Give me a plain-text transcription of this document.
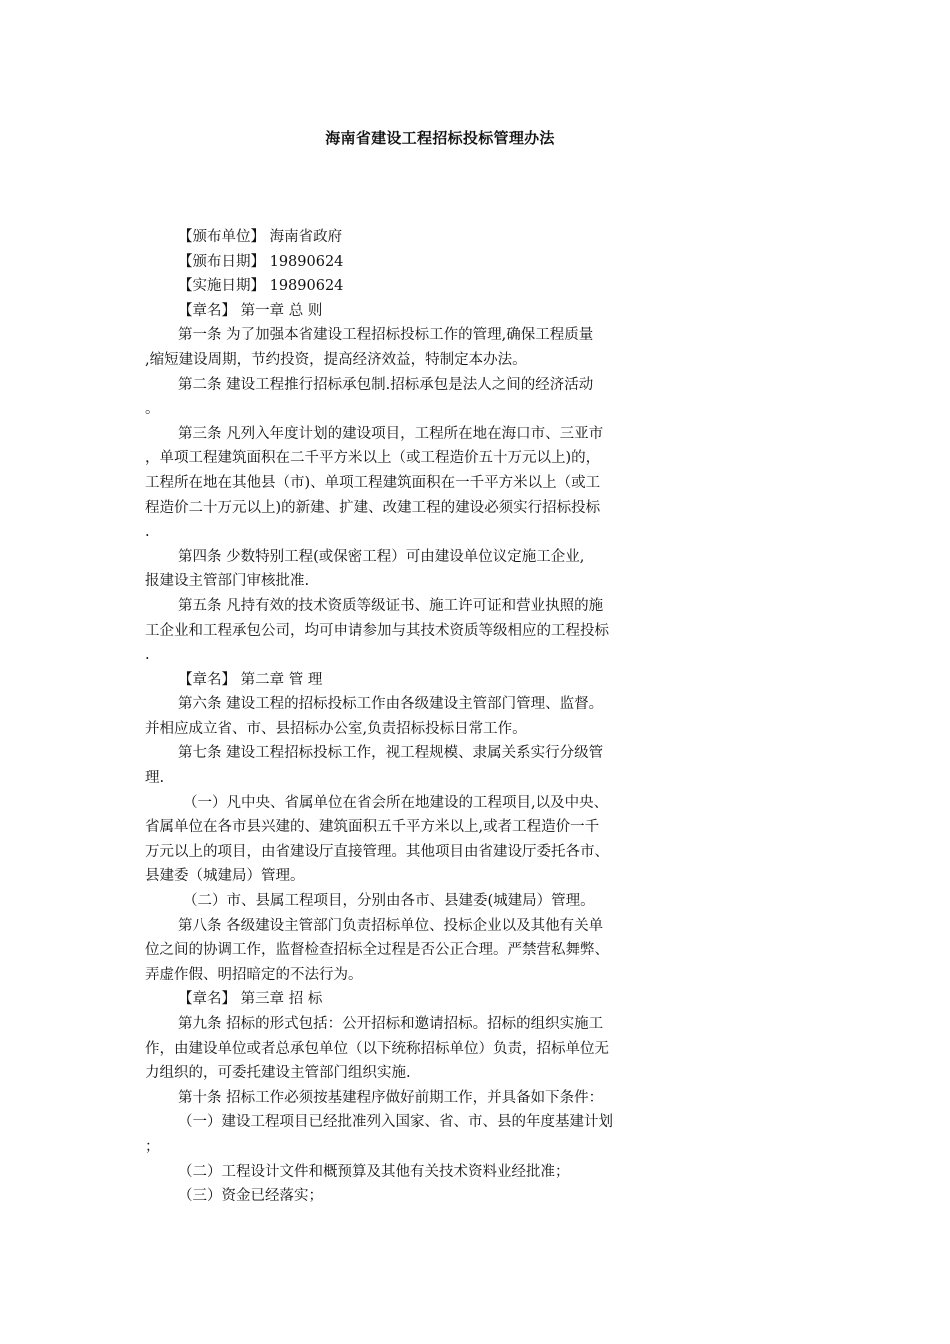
海南省建设工程招标投标管理办法
【颁布单位】 海南省政府
【颁布日期】 19890624
【实施日期】 19890624
【章名】 第一章 总 则
第一条 为了加强本省建设工程招标投标工作的管理,确保工程质量
,缩短建设周期，节约投资，提高经济效益，特制定本办法。
第二条 建设工程推行招标承包制.招标承包是法人之间的经济活动
。
第三条 凡列入年度计划的建设项目，工程所在地在海口市、三亚市
，单项工程建筑面积在二千平方米以上（或工程造价五十万元以上)的，
工程所在地在其他县（市)、单项工程建筑面积在一千平方米以上（或工
程造价二十万元以上)的新建、扩建、改建工程的建设必须实行招标投标
.
第四条 少数特别工程(或保密工程）可由建设单位议定施工企业,
报建设主管部门审核批准.
第五条 凡持有效的技术资质等级证书、施工许可证和营业执照的施
工企业和工程承包公司，均可申请参加与其技术资质等级相应的工程投标
.
【章名】 第二章 管 理
第六条 建设工程的招标投标工作由各级建设主管部门管理、监督。
并相应成立省、市、县招标办公室,负责招标投标日常工作。
第七条 建设工程招标投标工作，视工程规模、隶属关系实行分级管
理.
（一）凡中央、省属单位在省会所在地建设的工程项目,以及中央、
省属单位在各市县兴建的、建筑面积五千平方米以上,或者工程造价一千
万元以上的项目，由省建设厅直接管理。其他项目由省建设厅委托各市、
县建委（城建局）管理。
（二）市、县属工程项目，分别由各市、县建委(城建局）管理。
第八条 各级建设主管部门负责招标单位、投标企业以及其他有关单
位之间的协调工作，监督检查招标全过程是否公正合理。严禁营私舞弊、
弄虚作假、明招暗定的不法行为。
【章名】 第三章 招 标
第九条 招标的形式包括：公开招标和邀请招标。招标的组织实施工
作，由建设单位或者总承包单位（以下统称招标单位）负责，招标单位无
力组织的，可委托建设主管部门组织实施.
第十条 招标工作必须按基建程序做好前期工作，并具备如下条件：
（一）建设工程项目已经批准列入国家、省、市、县的年度基建计划
；
（二）工程设计文件和概预算及其他有关技术资料业经批准；
（三）资金已经落实；
